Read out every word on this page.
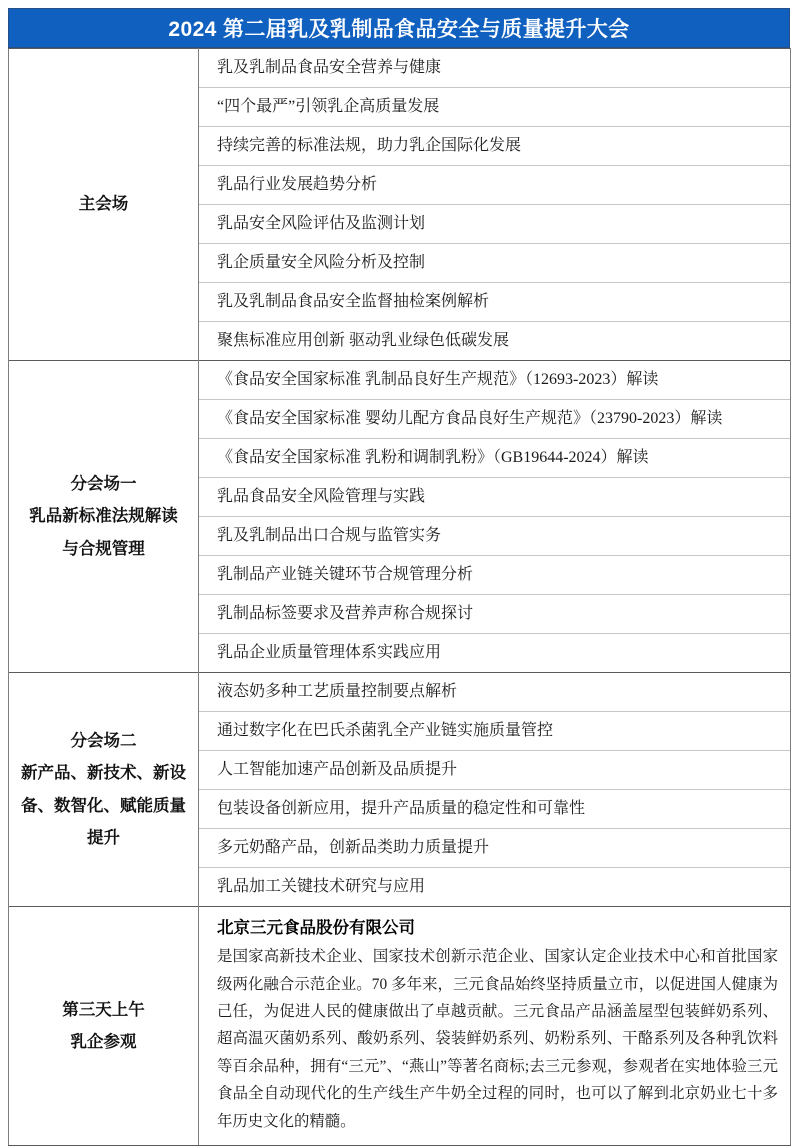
2024 第二届乳及乳制品食品安全与质量提升大会
主会场	乳及乳制品食品安全营养与健康
	“四个最严”引领乳企高质量发展
	持续完善的标准法规，助力乳企国际化发展
	乳品行业发展趋势分析
	乳品安全风险评估及监测计划
	乳企质量安全风险分析及控制
	乳及乳制品食品安全监督抽检案例解析
	聚焦标准应用创新 驱动乳业绿色低碳发展

分会场一
乳品新标准法规解读
与合规管理	《食品安全国家标准 乳制品良好生产规范》（12693-2023）解读
	《食品安全国家标准 婴幼儿配方食品良好生产规范》（23790-2023）解读
	《食品安全国家标准 乳粉和调制乳粉》（GB19644-2024）解读
	乳品食品安全风险管理与实践
	乳及乳制品出口合规与监管实务
	乳制品产业链关键环节合规管理分析
	乳制品标签要求及营养声称合规探讨
	乳品企业质量管理体系实践应用

分会场二
新产品、新技术、新设
备、数智化、赋能质量
提升	液态奶多种工艺质量控制要点解析
	通过数字化在巴氏杀菌乳全产业链实施质量管控
	人工智能加速产品创新及品质提升
	包装设备创新应用，提升产品质量的稳定性和可靠性
	多元奶酪产品，创新品类助力质量提升
	乳品加工关键技术研究与应用

第三天上午
乳企参观	北京三元食品股份有限公司
是国家高新技术企业、国家技术创新示范企业、国家认定企业技术中心和首批国家级两化融合示范企业。70 多年来，三元食品始终坚持质量立市，以促进国人健康为己任，为促进人民的健康做出了卓越贡献。三元食品产品涵盖屋型包装鲜奶系列、超高温灭菌奶系列、酸奶系列、袋装鲜奶系列、奶粉系列、干酪系列及各种乳饮料等百余品种，拥有“三元”、“燕山”等著名商标;去三元参观，参观者在实地体验三元食品全自动现代化的生产线生产牛奶全过程的同时，也可以了解到北京奶业七十多年历史文化的精髓。
